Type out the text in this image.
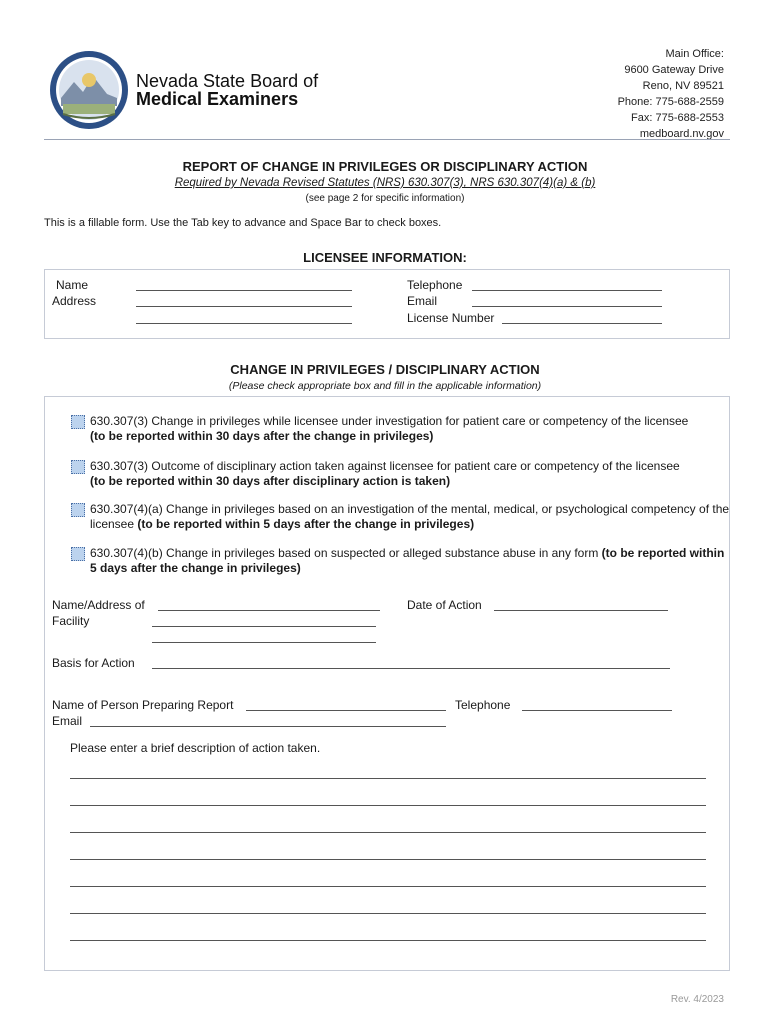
Nevada State Board of
Medical Examiners
Main Office:
9600 Gateway Drive
Reno, NV 89521
Phone: 775-688-2559
Fax: 775-688-2553
medboard.nv.gov
REPORT OF CHANGE IN PRIVILEGES OR DISCIPLINARY ACTION
Required by Nevada Revised Statutes (NRS) 630.307(3), NRS 630.307(4)(a) & (b)
(see page 2 for specific information)
This is a fillable form. Use the Tab key to advance and Space Bar to check boxes.
LICENSEE INFORMATION:
Name
Address
Telephone
Email
License Number
CHANGE IN PRIVILEGES / DISCIPLINARY ACTION
(Please check appropriate box and fill in the applicable information)
630.307(3) Change in privileges while licensee under investigation for patient care or competency of the licensee
(to be reported within 30 days after the change in privileges)
630.307(3) Outcome of disciplinary action taken against licensee for patient care or competency of the licensee
(to be reported within 30 days after disciplinary action is taken)
630.307(4)(a) Change in privileges based on an investigation of the mental, medical, or psychological competency of the licensee (to be reported within 5 days after the change in privileges)
630.307(4)(b) Change in privileges based on suspected or alleged substance abuse in any form (to be reported within 5 days after the change in privileges)
Name/Address of
Facility
Date of Action
Basis for Action
Name of Person Preparing Report	Telephone
Email
Please enter a brief description of action taken.
Rev. 4/2023
